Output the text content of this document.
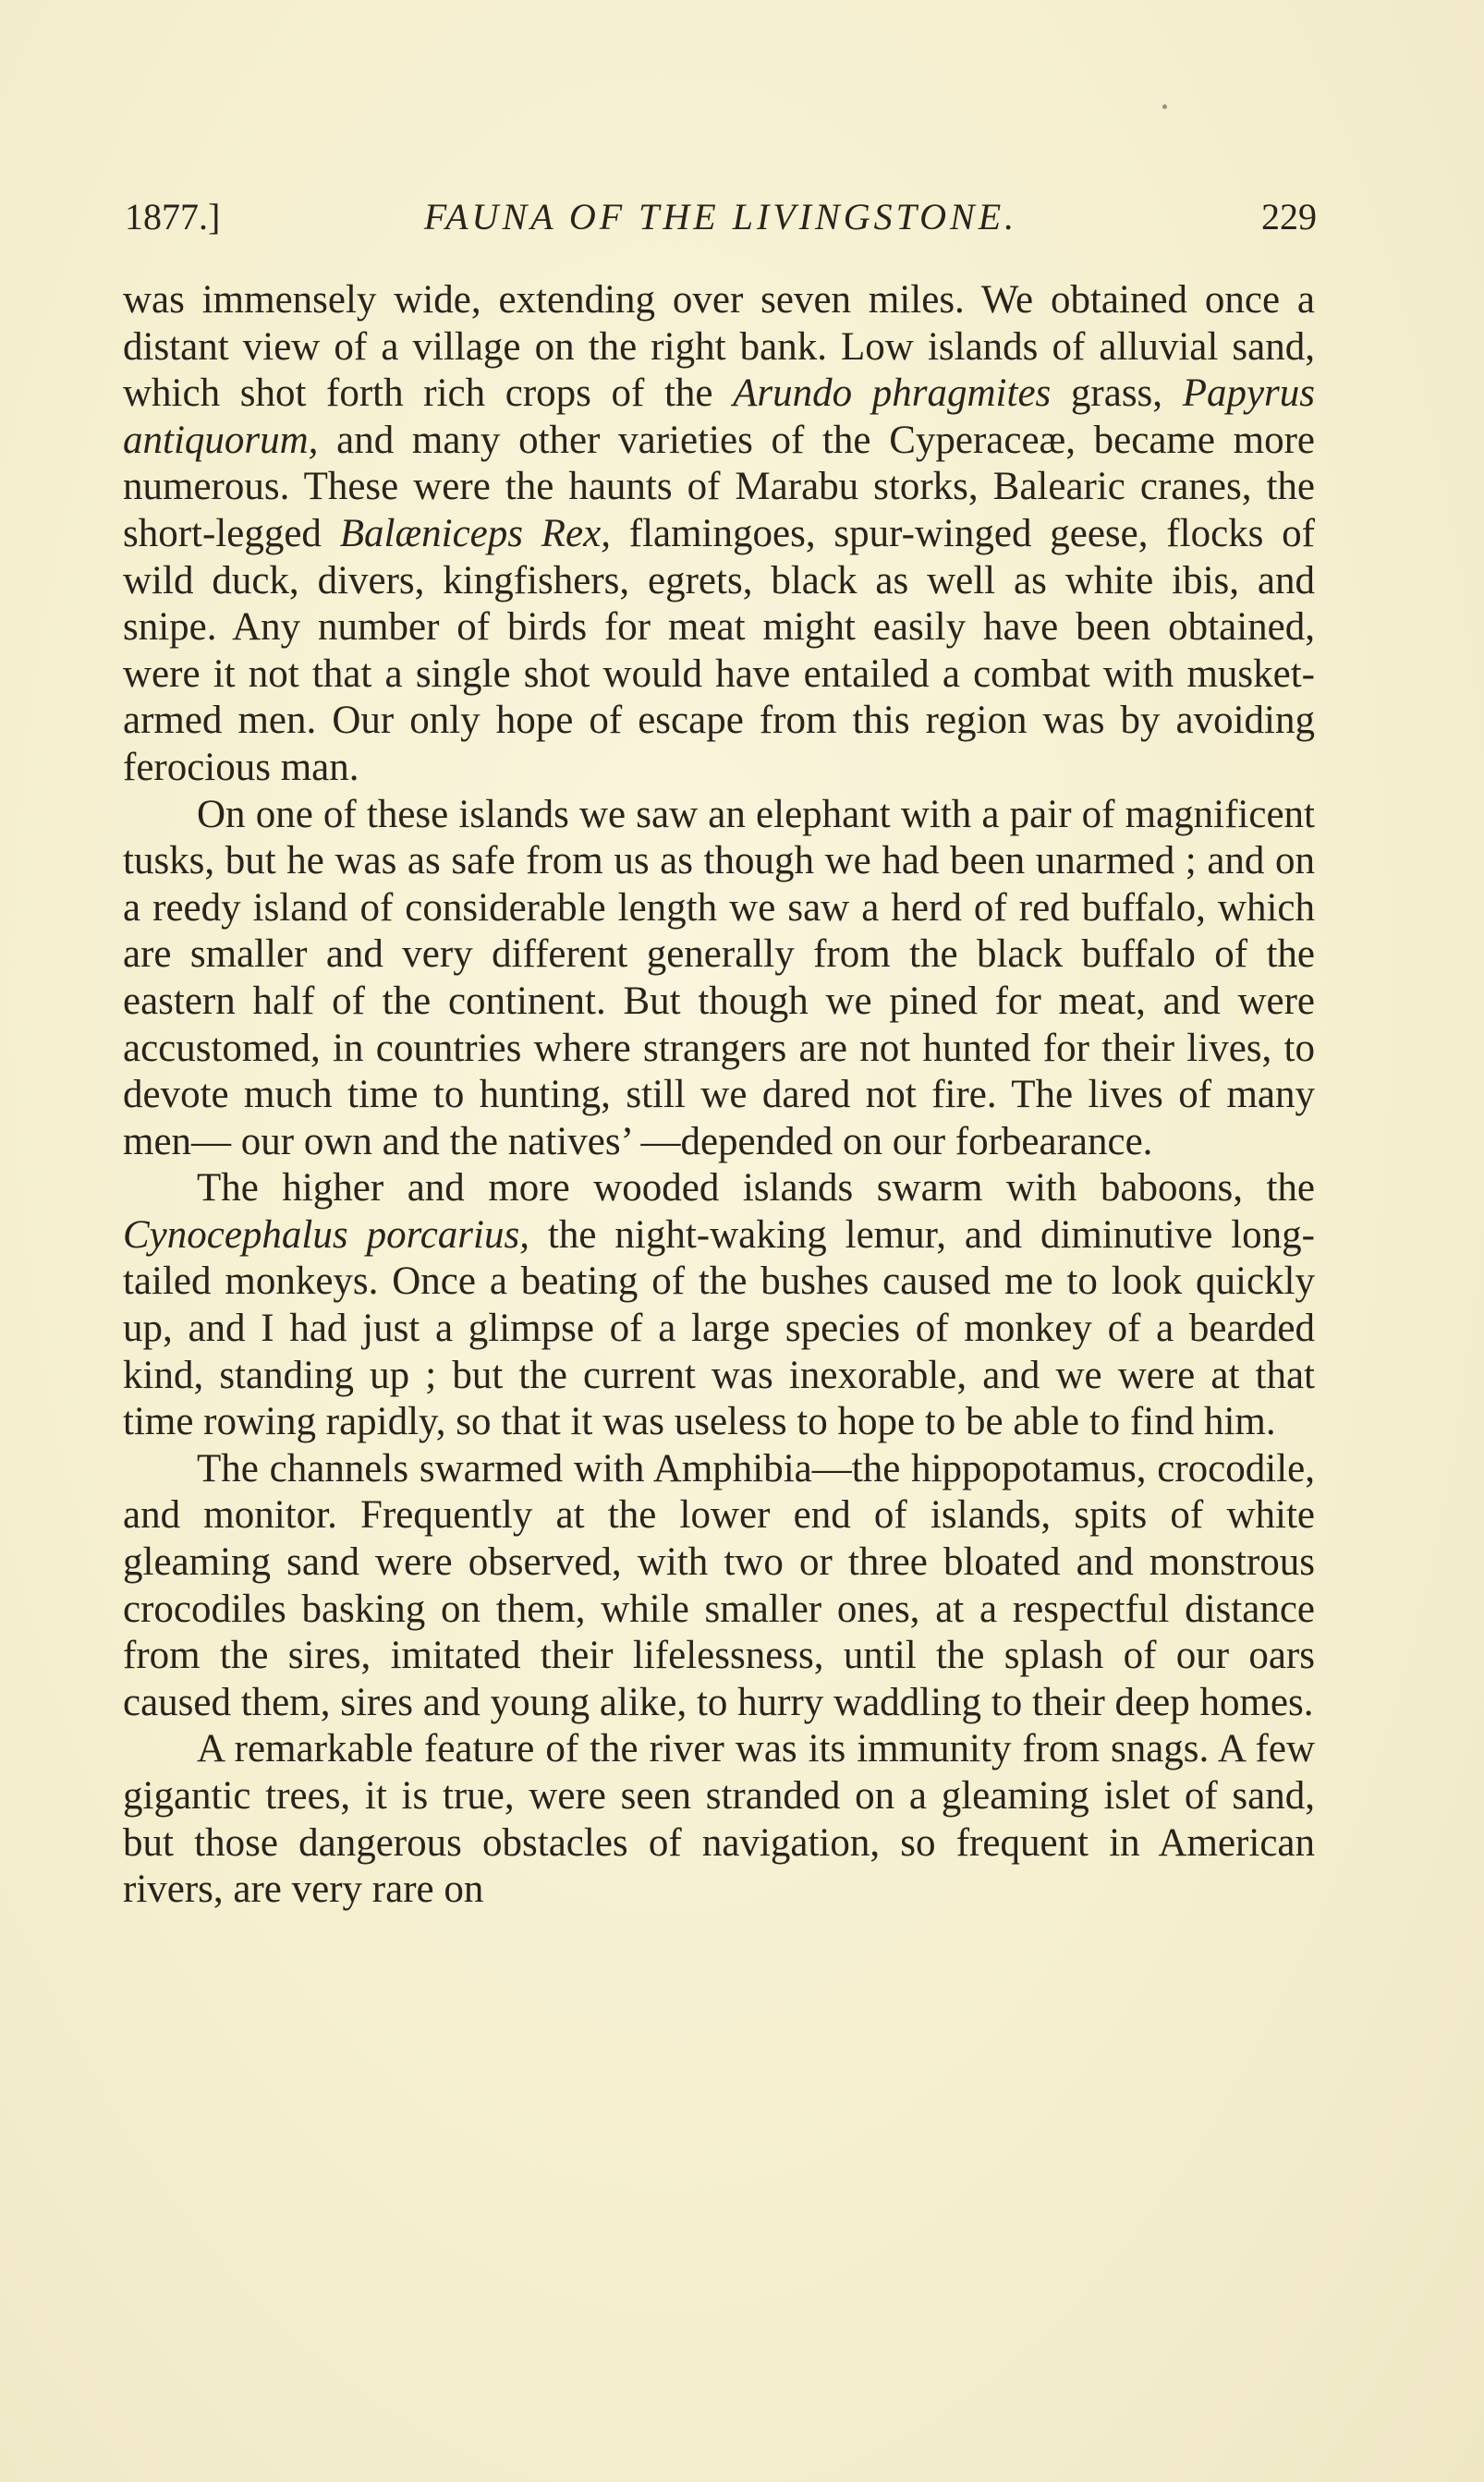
1877.]	FAUNA OF THE LIVINGSTONE.	229

was immensely wide, extending over seven miles. We obtained once a distant view of a village on the right bank. Low islands of alluvial sand, which shot forth rich crops of the Arundo phragmites grass, Papyrus antiquorum, and many other varieties of the Cyperaceæ, became more numerous. These were the haunts of Marabu storks, Balearic cranes, the short-legged Balæniceps Rex, flamingoes, spur-winged geese, flocks of wild duck, divers, kingfishers, egrets, black as well as white ibis, and snipe. Any number of birds for meat might easily have been obtained, were it not that a single shot would have entailed a combat with musket-armed men. Our only hope of escape from this region was by avoiding ferocious man.

On one of these islands we saw an elephant with a pair of magnificent tusks, but he was as safe from us as though we had been unarmed ; and on a reedy island of considerable length we saw a herd of red buffalo, which are smaller and very different generally from the black buffalo of the eastern half of the continent. But though we pined for meat, and were accustomed, in countries where strangers are not hunted for their lives, to devote much time to hunting, still we dared not fire. The lives of many men— our own and the natives’ —depended on our forbearance.

The higher and more wooded islands swarm with baboons, the Cynocephalus porcarius, the night-waking lemur, and diminutive long-tailed monkeys. Once a beating of the bushes caused me to look quickly up, and I had just a glimpse of a large species of monkey of a bearded kind, standing up ; but the current was inexorable, and we were at that time rowing rapidly, so that it was useless to hope to be able to find him.

The channels swarmed with Amphibia—the hippopotamus, crocodile, and monitor. Frequently at the lower end of islands, spits of white gleaming sand were observed, with two or three bloated and monstrous crocodiles basking on them, while smaller ones, at a respectful distance from the sires, imitated their lifelessness, until the splash of our oars caused them, sires and young alike, to hurry waddling to their deep homes.

A remarkable feature of the river was its immunity from snags. A few gigantic trees, it is true, were seen stranded on a gleaming islet of sand, but those dangerous obstacles of navigation, so frequent in American rivers, are very rare on
